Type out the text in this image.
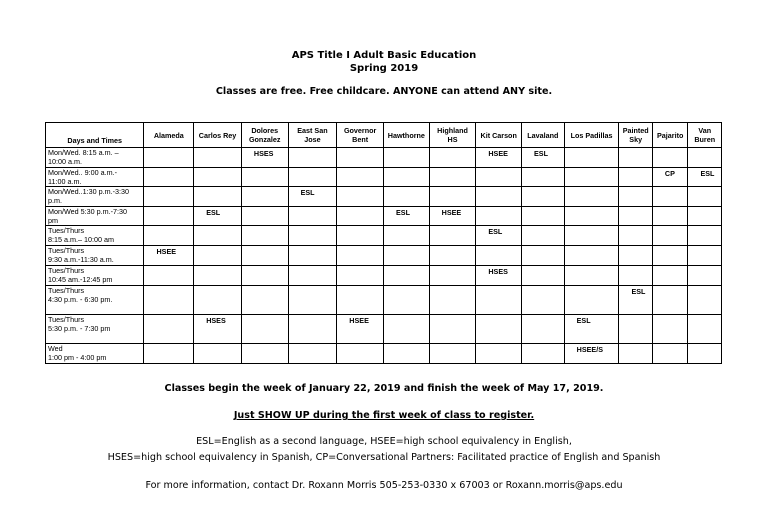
APS Title I Adult Basic Education
Spring 2019
Classes are free. Free childcare. ANYONE can attend ANY site.
Days and Times	Alameda	Carlos Rey	Dolores Gonzalez	East San Jose	Governor Bent	Hawthorne	Highland HS	Kit Carson	Lavaland	Los Padillas	Painted Sky	Pajarito	Van Buren
Mon/Wed. 8:15 a.m. –
10:00 a.m.			HSES					HSEE	ESL				
Mon/Wed.. 9:00 a.m.-
11:00 a.m.												CP	ESL
Mon/Wed..1:30 p.m.-3:30
p.m.				ESL									
Mon/Wed 5:30 p.m.-7:30
pm		ESL				ESL	HSEE						
Tues/Thurs
8:15 a.m.– 10:00 am								ESL					
Tues/Thurs
9:30 a.m.-11:30 a.m.	HSEE												
Tues/Thurs
10:45 am.-12:45 pm								HSES					
Tues/Thurs
4:30 p.m. - 6:30 pm.											ESL		
Tues/Thurs
5:30 p.m. - 7:30 pm		HSES			HSEE					ESL			
Wed
1:00 pm - 4:00 pm										HSEE/S			
Classes begin the week of January 22, 2019 and finish the week of May 17, 2019.
Just SHOW UP during the first week of class to register.
ESL=English as a second language, HSEE=high school equivalency in English,
HSES=high school equivalency in Spanish, CP=Conversational Partners: Facilitated practice of English and Spanish
For more information, contact Dr. Roxann Morris 505-253-0330 x 67003 or Roxann.morris@aps.edu
